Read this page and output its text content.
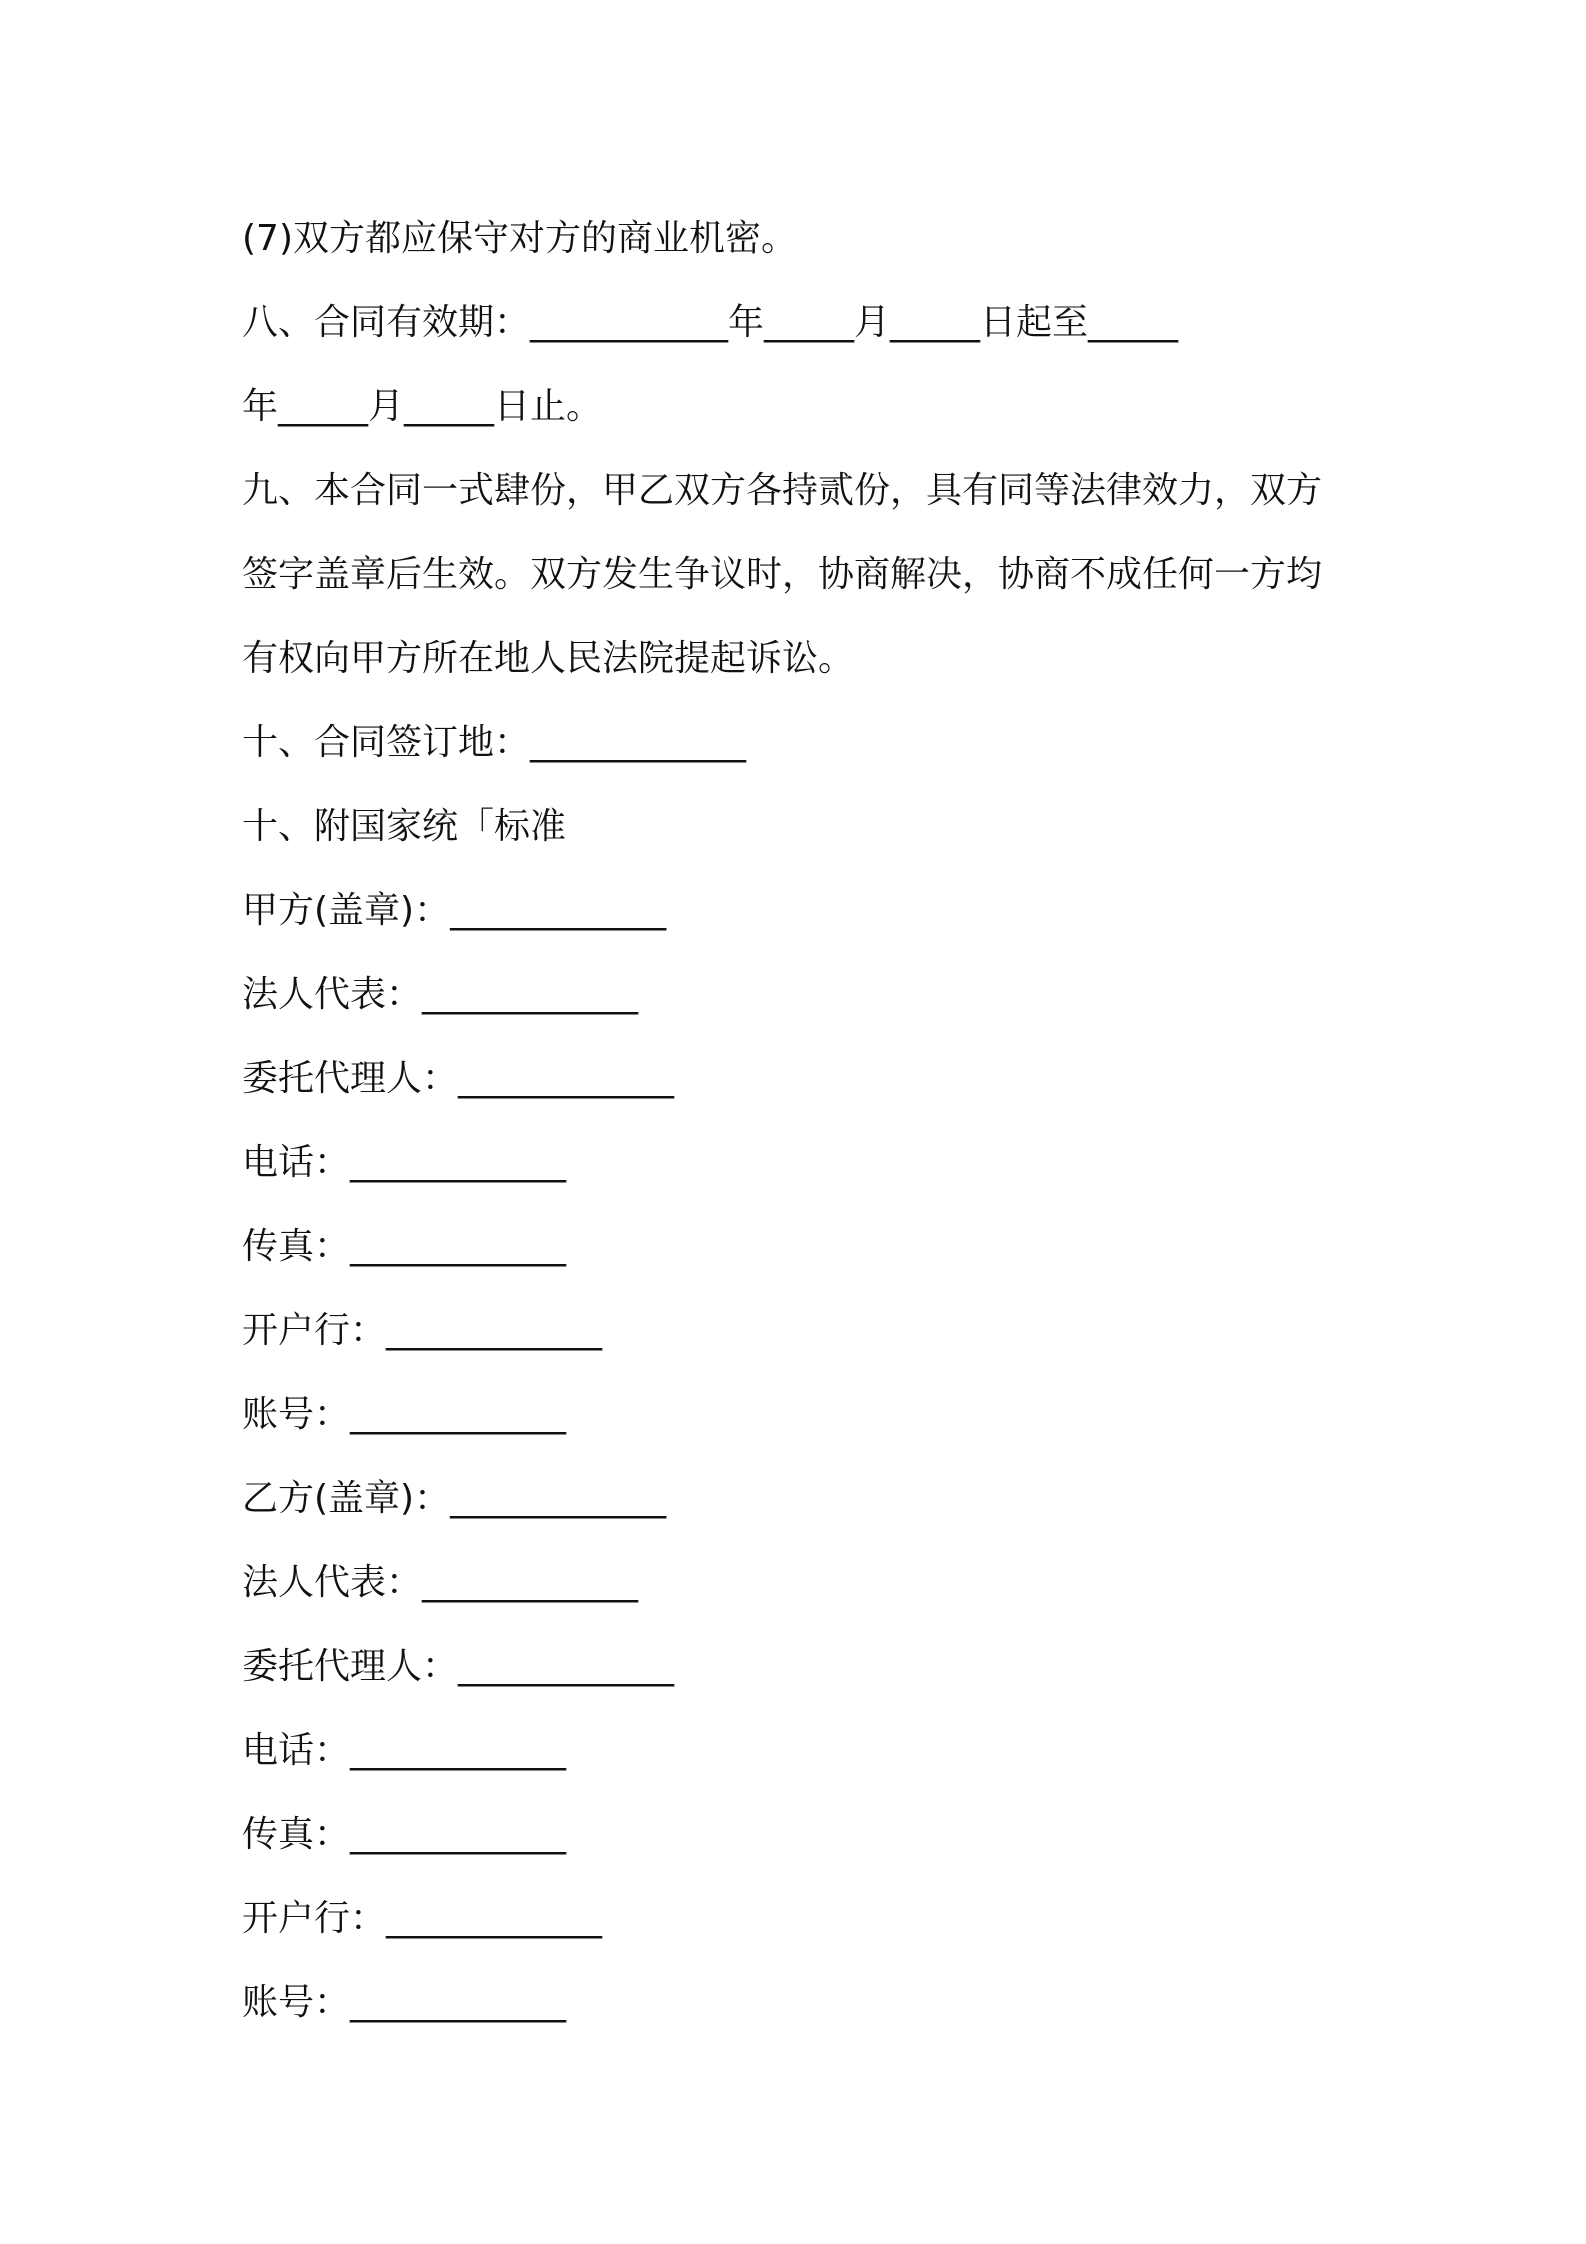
(7)双方都应保守对方的商业机密。
八、合同有效期：___________年_____月_____日起至_____
年_____月_____日止。
九、本合同一式肆份，甲乙双方各持贰份，具有同等法律效力，双方
签字盖章后生效。双方发生争议时，协商解决，协商不成任何一方均
有权向甲方所在地人民法院提起诉讼。
十、合同签订地：____________
十、附国家统「标准
甲方(盖章)：____________
法人代表：____________
委托代理人：____________
电话：____________
传真：____________
开户行：____________
账号：____________
乙方(盖章)：____________
法人代表：____________
委托代理人：____________
电话：____________
传真：____________
开户行：____________
账号：____________
